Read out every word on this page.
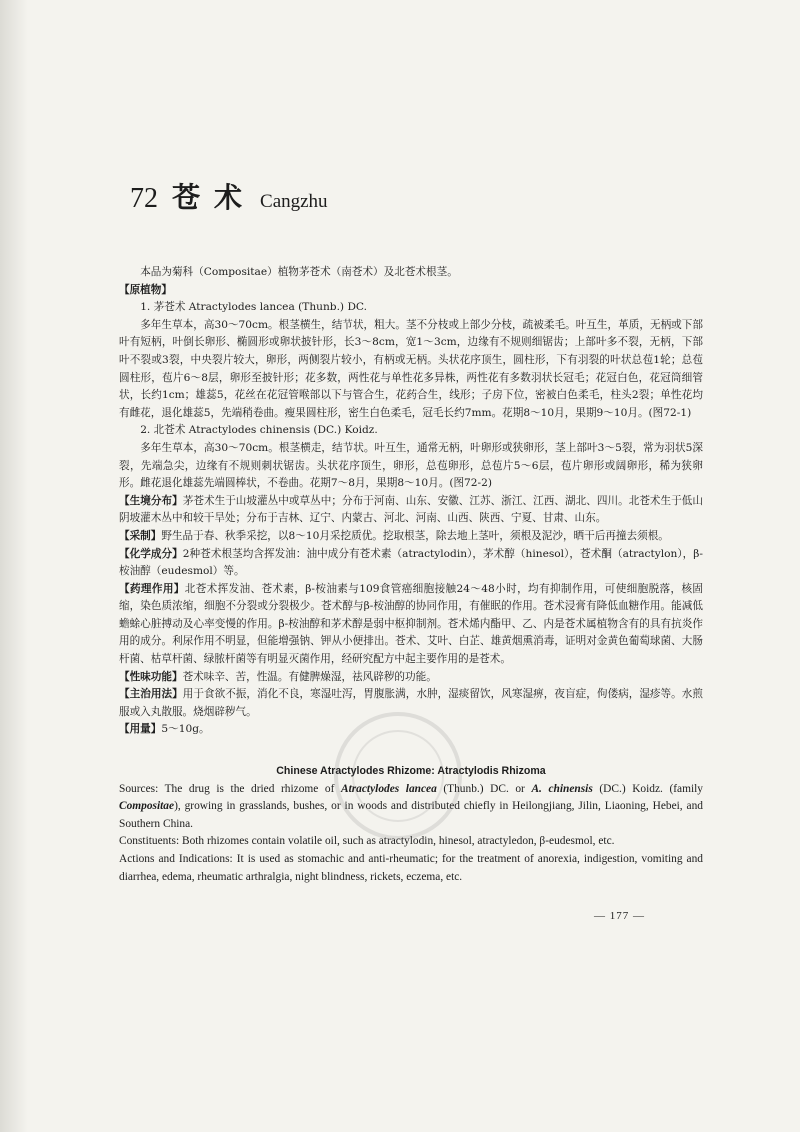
72 苍术 Cangzhu

本品为菊科（Compositae）植物茅苍术（南苍术）及北苍术根茎。

【原植物】

1. 茅苍术 Atractylodes lancea (Thunb.) DC.

多年生草本，高30～70cm。根茎横生，结节状，粗大。茎不分枝或上部少分枝，疏被柔毛。叶互生，革质，无柄或下部叶有短柄，叶倒长卵形、椭圆形或卵状披针形，长3～8cm，宽1～3cm，边缘有不规则细锯齿；上部叶多不裂，无柄，下部叶不裂或3裂，中央裂片较大，卵形，两侧裂片较小，有柄或无柄。头状花序顶生，圆柱形，下有羽裂的叶状总苞1轮；总苞圆柱形，苞片6～8层，卵形至披针形；花多数，两性花与单性花多异株，两性花有多数羽状长冠毛；花冠白色，花冠筒细管状，长约1cm；雄蕊5，花丝在花冠管喉部以下与管合生，花药合生，线形；子房下位，密被白色柔毛，柱头2裂；单性花均有雌花，退化雄蕊5，先端稍卷曲。瘦果圆柱形，密生白色柔毛，冠毛长约7mm。花期8～10月，果期9～10月。(图72-1)

2. 北苍术 Atractylodes chinensis (DC.) Koidz.

多年生草本，高30～70cm。根茎横走，结节状。叶互生，通常无柄，叶卵形或狭卵形，茎上部叶3～5裂，常为羽状5深裂，先端急尖，边缘有不规则刺状锯齿。头状花序顶生，卵形，总苞卵形，总苞片5～6层，苞片卵形或阔卵形，稀为狭卵形。雌花退化雄蕊先端圆棒状，不卷曲。花期7～8月，果期8～10月。(图72-2)

【生境分布】茅苍术生于山坡灌丛中或草丛中；分布于河南、山东、安徽、江苏、浙江、江西、湖北、四川。北苍术生于低山阴坡灌木丛中和较干旱处；分布于吉林、辽宁、内蒙古、河北、河南、山西、陕西、宁夏、甘肃、山东。

【采制】野生品于春、秋季采挖，以8～10月采挖质优。挖取根茎，除去地上茎叶，须根及泥沙，晒干后再撞去须根。

【化学成分】2种苍术根茎均含挥发油：油中成分有苍术素（atractylodin），茅术醇（hinesol），苍术酮（atractylon），β-桉油醇（eudesmol）等。

【药理作用】北苍术挥发油、苍术素，β-桉油素与109食管癌细胞接触24～48小时，均有抑制作用，可使细胞脱落，核固缩，染色质浓缩，细胞不分裂或分裂极少。苍术醇与β-桉油醇的协同作用，有催眠的作用。苍术浸膏有降低血糖作用。能减低蟾蜍心脏搏动及心率变慢的作用。β-桉油醇和茅术醇是弱中枢抑制剂。苍术烯内酯甲、乙、内是苍术属植物含有的具有抗炎作用的成分。利尿作用不明显，但能增强钠、钾从小便排出。苍术、艾叶、白芷、雄黄烟熏消毒，证明对金黄色葡萄球菌、大肠杆菌、枯草杆菌、绿脓杆菌等有明显灭菌作用，经研究配方中起主要作用的是苍术。

【性味功能】苍术味辛、苦，性温。有健脾燥湿，祛风辟秽的功能。

【主治用法】用于食欲不振，消化不良，寒湿吐泻，胃腹胀满，水肿，湿痰留饮，风寒湿痹，夜盲症，佝偻病，湿疹等。水煎服或入丸散服。烧烟辟秽气。

【用量】5～10g。

Chinese Atractylodes Rhizome: Atractylodis Rhizoma

Sources: The drug is the dried rhizome of Atractylodes lancea (Thunb.) DC. or A. chinensis (DC.) Koidz. (family Compositae), growing in grasslands, bushes, or in woods and distributed chiefly in Heilongjiang, Jilin, Liaoning, Hebei, and Southern China.

Constituents: Both rhizomes contain volatile oil, such as atractylodin, hinesol, atractyledon, β-eudesmol, etc.

Actions and Indications: It is used as stomachic and anti-rheumatic; for the treatment of anorexia, indigestion, vomiting and diarrhea, edema, rheumatic arthralgia, night blindness, rickets, eczema, etc.

— 177 —
